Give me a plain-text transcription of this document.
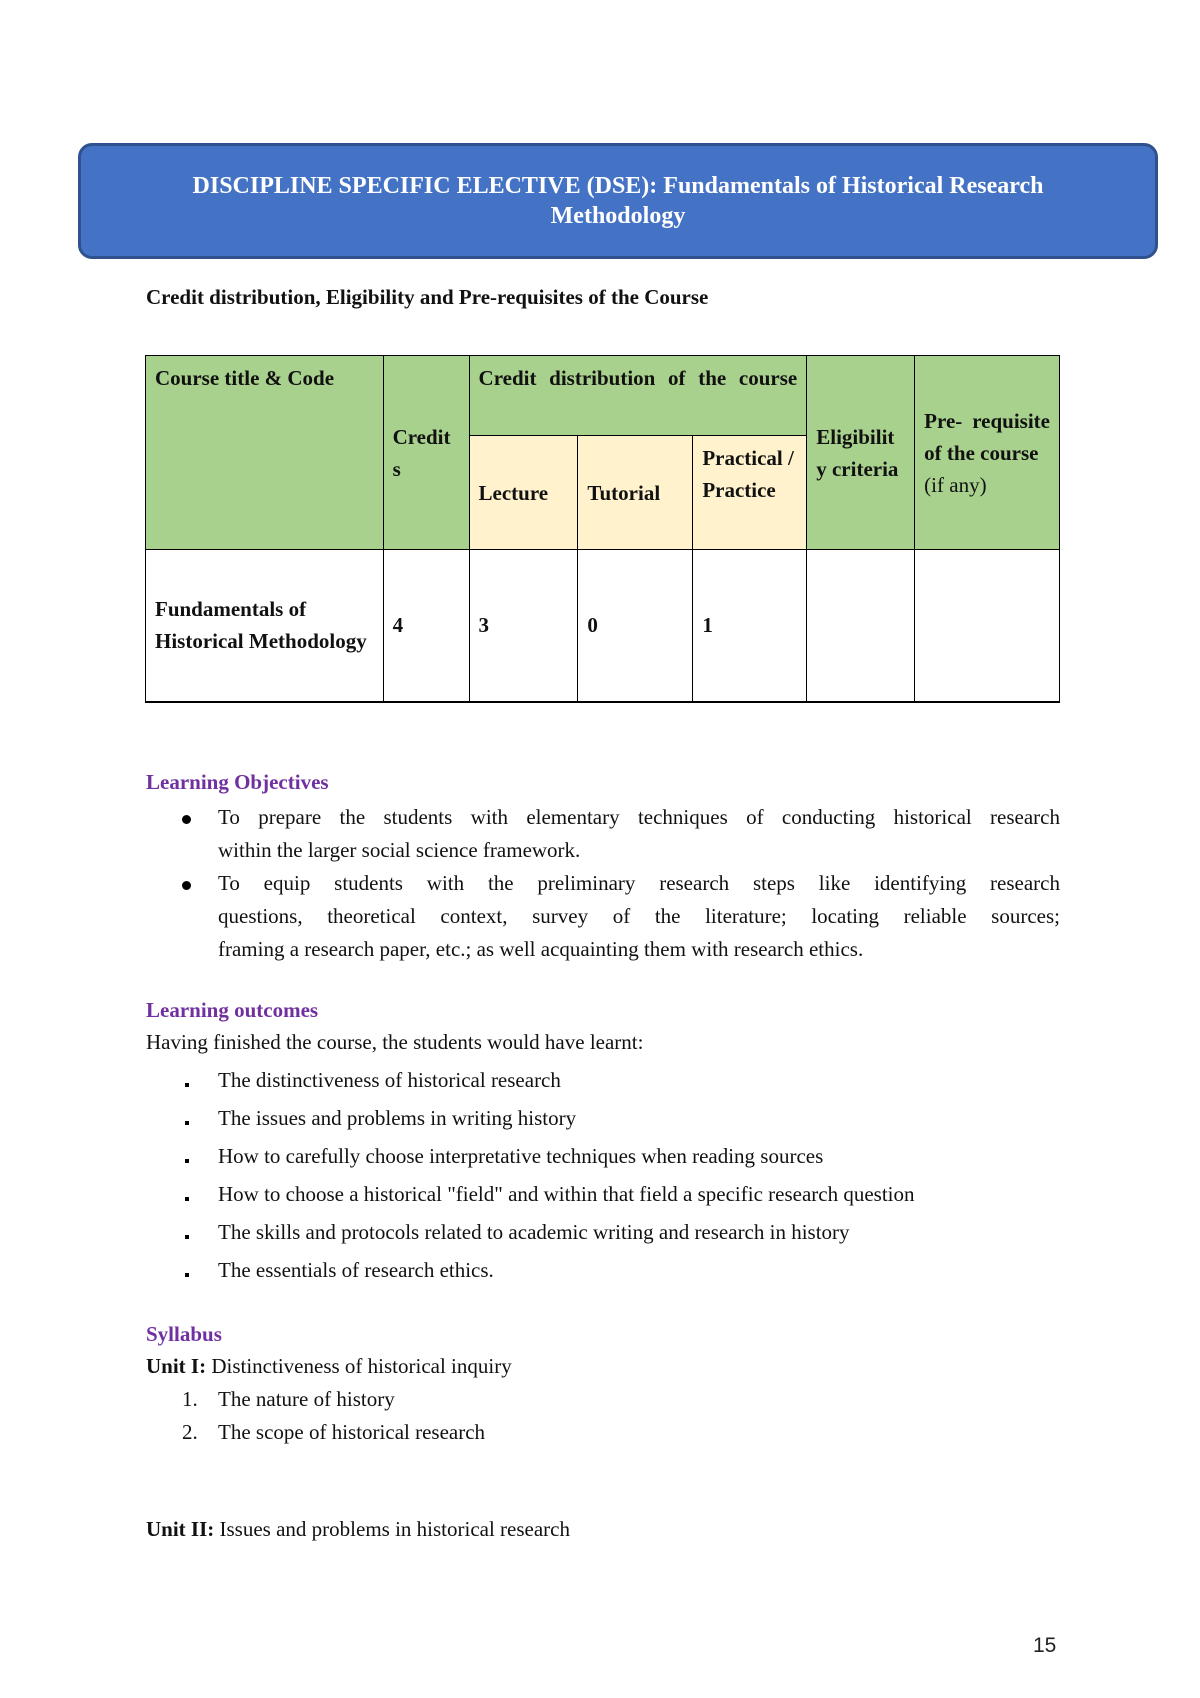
DISCIPLINE SPECIFIC ELECTIVE (DSE): Fundamentals of Historical Research
Methodology
Credit distribution, Eligibility and Pre-requisites of the Course
Course title & Code	Credit s	Credit distribution of the course			Eligibilit y criteria	Pre- requisite of the course
(if any)

		Lecture	Tutorial	Practical / Practice		
Fundamentals of Historical Methodology	4	3	0	1		
Learning Objectives
To prepare the students with elementary techniques of conducting historical research
within the larger social science framework.
To equip students with the preliminary research steps like identifying research
questions, theoretical context, survey of the literature; locating reliable sources;
framing a research paper, etc.; as well acquainting them with research ethics.
Learning outcomes
Having finished the course, the students would have learnt:
The distinctiveness of historical research
The issues and problems in writing history
How to carefully choose interpretative techniques when reading sources
How to choose a historical "field" and within that field a specific research question
The skills and protocols related to academic writing and research in history
The essentials of research ethics.
Syllabus
Unit I: Distinctiveness of historical inquiry
1. The nature of history
2. The scope of historical research
Unit II: Issues and problems in historical research
15
